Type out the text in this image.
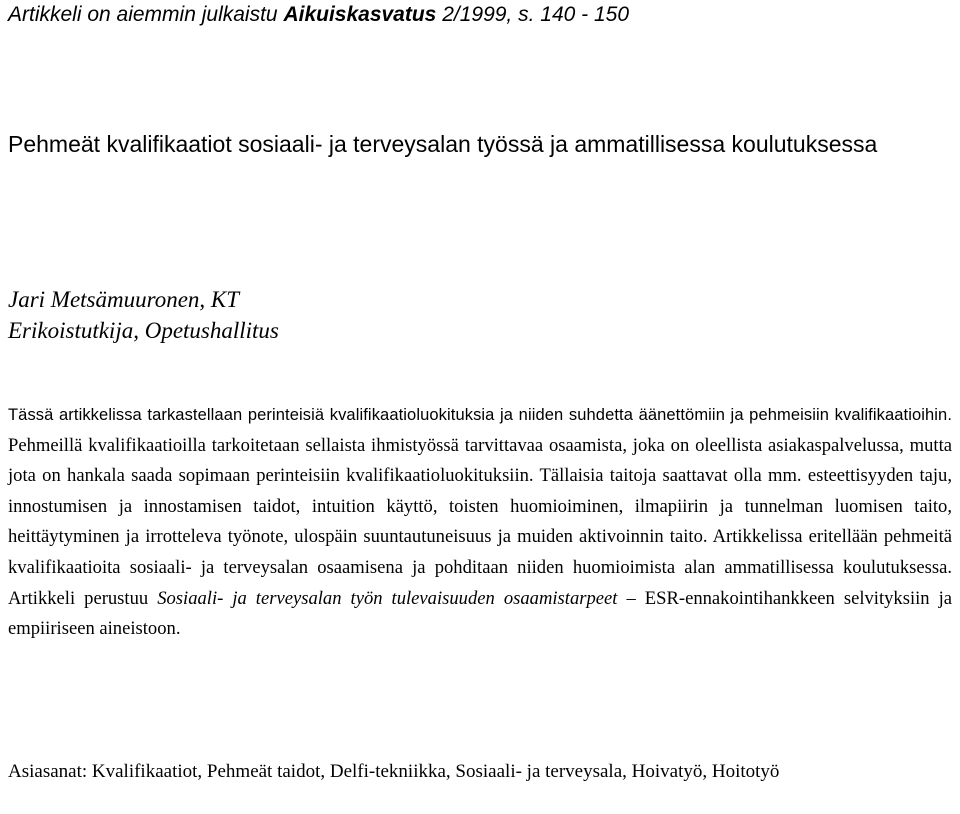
Artikkeli on aiemmin julkaistu Aikuiskasvatus 2/1999, s. 140 - 150
Pehmeät kvalifikaatiot sosiaali- ja terveysalan työssä ja ammatillisessa koulutuksessa
Jari Metsämuuronen, KT
Erikoistutkija, Opetushallitus

Tässä artikkelissa tarkastellaan perinteisiä kvalifikaatioluokituksia ja niiden suhdetta äänettömiin ja pehmeisiin kvalifikaatioihin. Pehmeillä kvalifikaatioilla tarkoitetaan sellaista ihmistyössä tarvittavaa osaamista, joka on oleellista asiakaspalvelussa, mutta jota on hankala saada sopimaan perinteisiin kvalifikaatioluokituksiin. Tällaisia taitoja saattavat olla mm. esteettisyyden taju, innostumisen ja innostamisen taidot, intuition käyttö, toisten huomioiminen, ilmapiirin ja tunnelman luomisen taito, heittäytyminen ja irrotteleva työnote, ulospäin suuntautuneisuus ja muiden aktivoinnin taito. Artikkelissa eritellään pehmeitä kvalifikaatioita sosiaali- ja terveysalan osaamisena ja pohditaan niiden huomioimista alan ammatillisessa koulutuksessa. Artikkeli perustuu Sosiaali- ja terveysalan työn tulevaisuuden osaamistarpeet – ESR-ennakointihankkeen selvityksiin ja empiiriseen aineistoon.

Asiasanat: Kvalifikaatiot, Pehmeät taidot, Delfi-tekniikka, Sosiaali- ja terveysala, Hoivatyö, Hoitotyö
